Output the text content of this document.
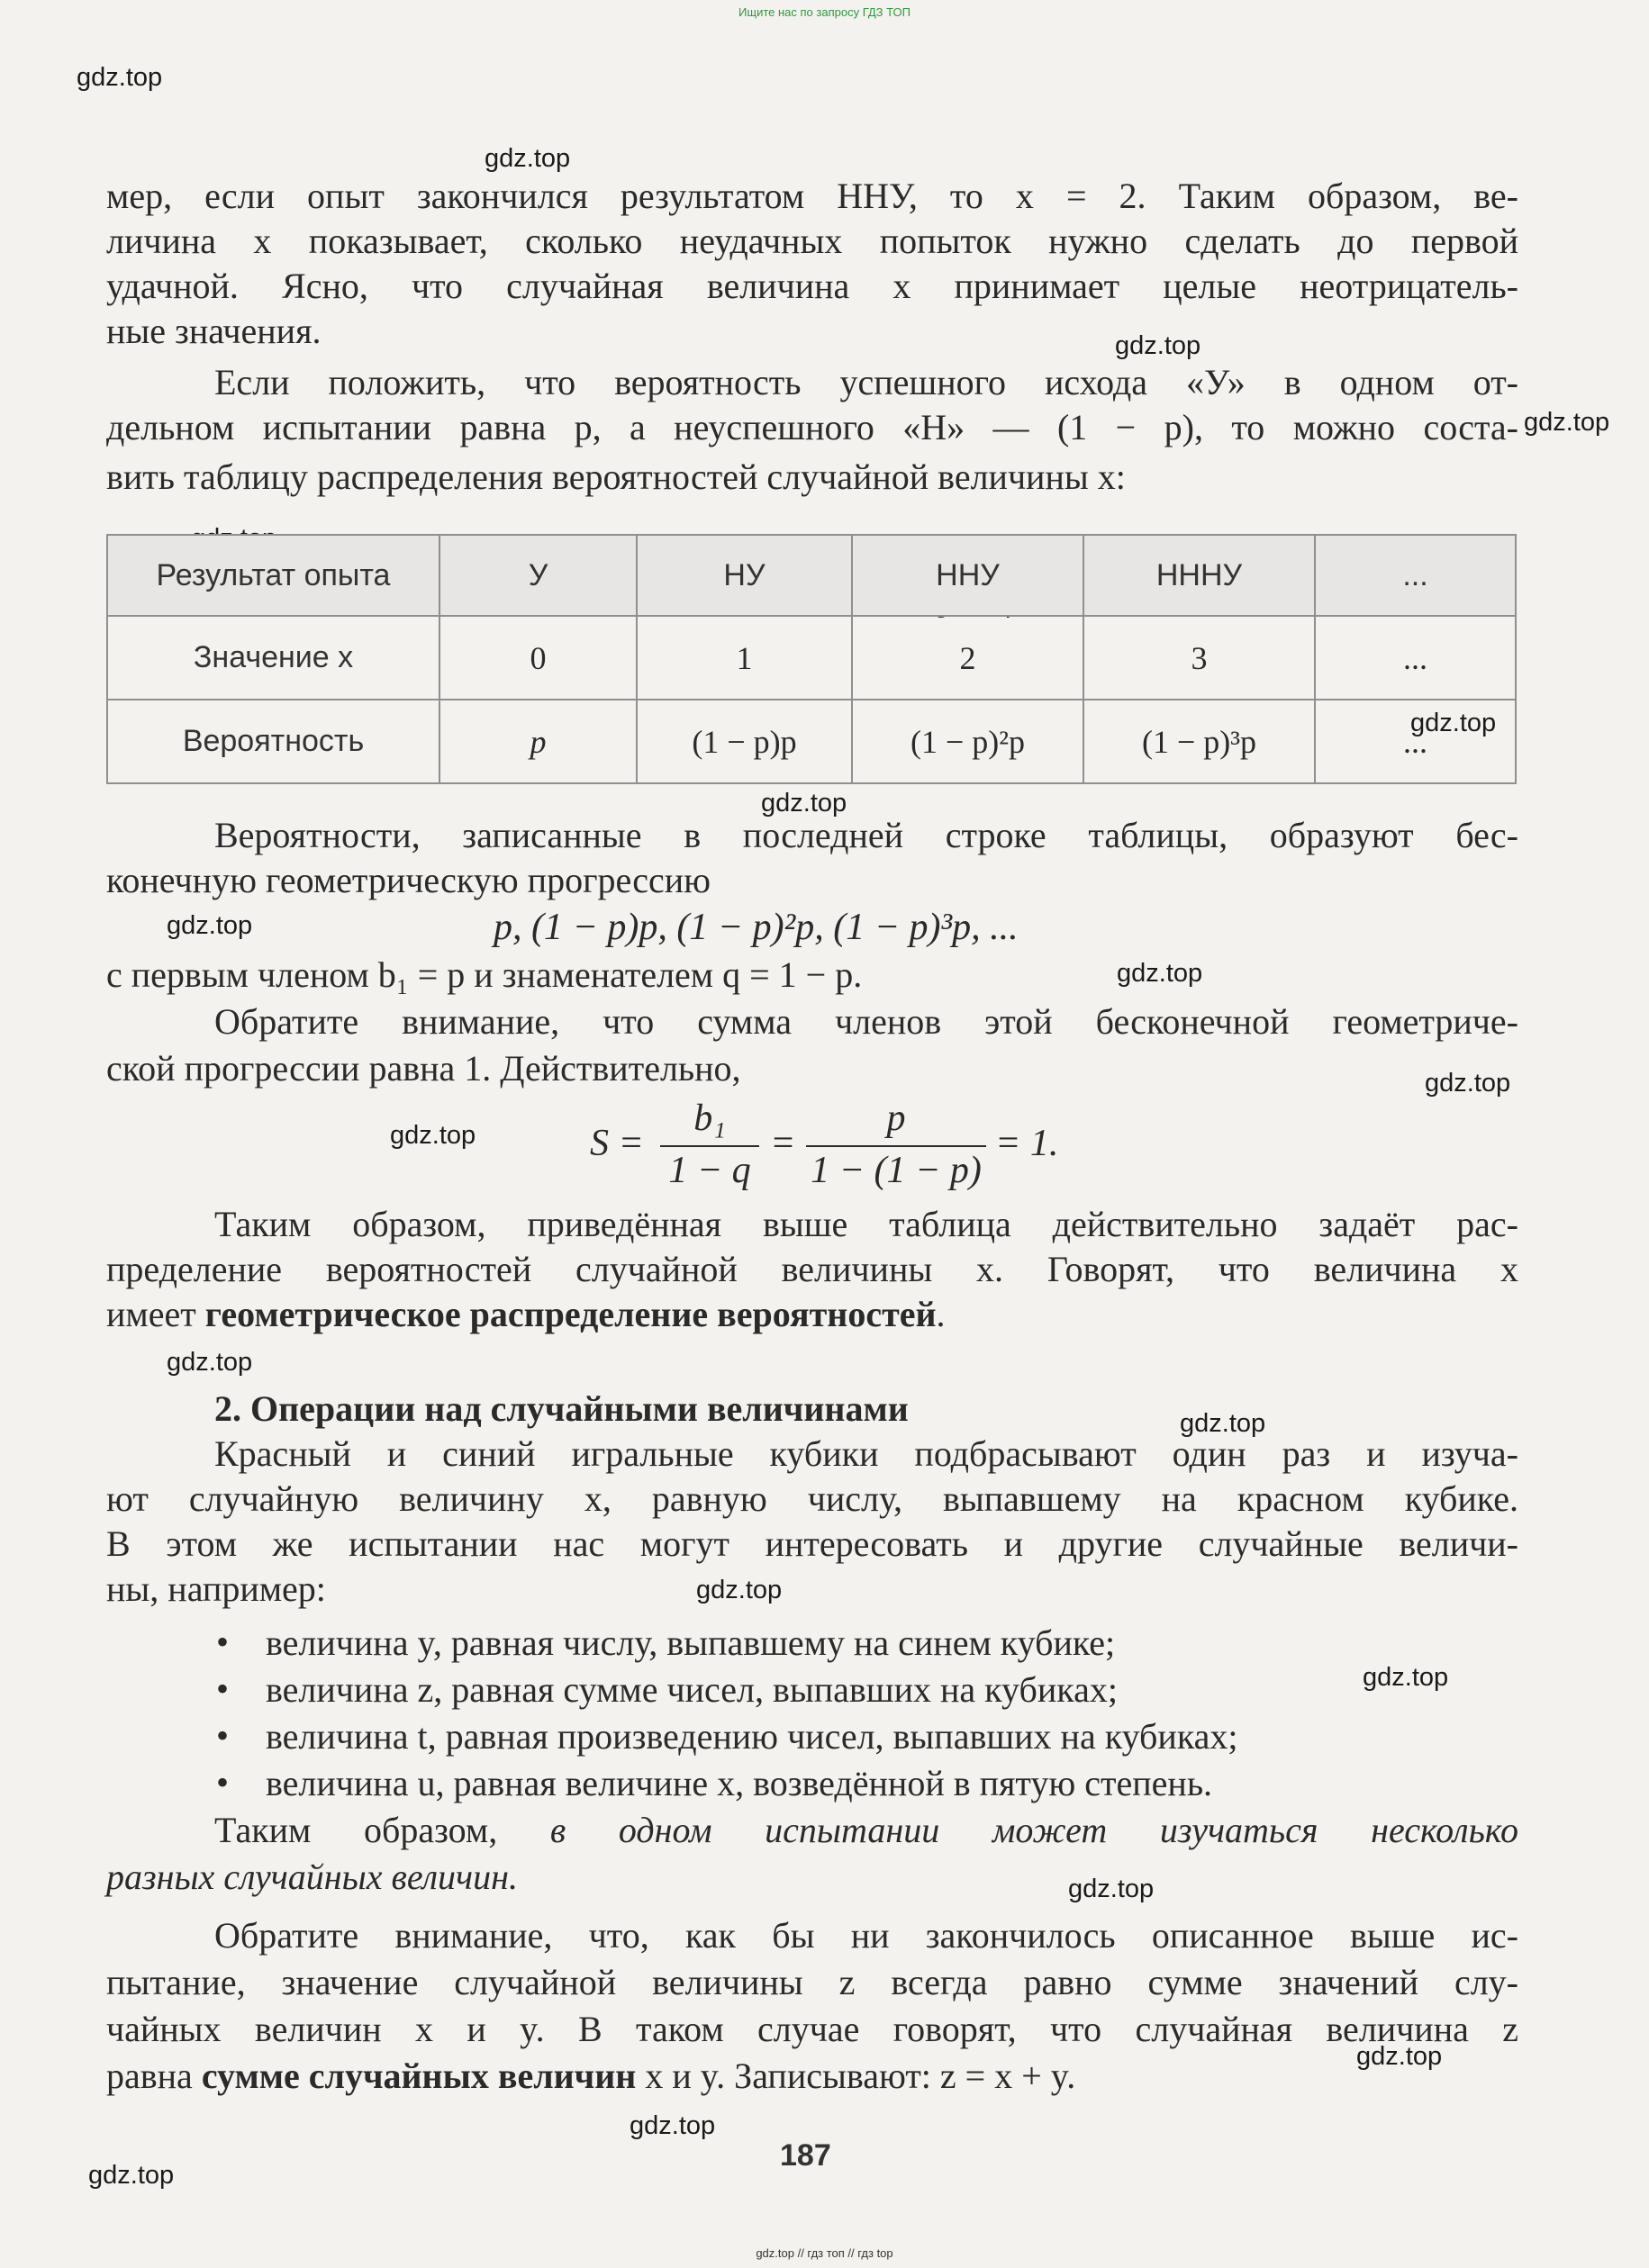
Ищите нас по запросу ГДЗ ТОП
gdz.top
gdz.top
gdz.top
gdz.top
gdz.top
gdz.top
gdz.top
gdz.top
gdz.top
gdz.top
gdz.top
gdz.top
gdz.top
gdz.top
gdz.top
gdz.top
gdz.top
gdz.top
мер, если опыт закончился результатом ННУ, то x = 2. Таким образом, ве-
личина x показывает, сколько неудачных попыток нужно сделать до первой
удачной. Ясно, что случайная величина x принимает целые неотрицатель-
ные значения.
Если положить, что вероятность успешного исхода «У» в одном от-
дельном испытании равна p, а неуспешного «Н» — (1 − p), то можно соста-
вить таблицу распределения вероятностей случайной величины x:
Результат опыта	У	НУ	ННУ	НННУ	...
Значение x	0	1	2	3	...
Вероятность	p	(1 − p)p	(1 − p)²p	(1 − p)³p	...
Вероятности, записанные в последней строке таблицы, образуют бес-
конечную геометрическую прогрессию
p, (1 − p)p, (1 − p)²p, (1 − p)³p, ...
с первым членом b₁ = p и знаменателем q = 1 − p.
Обратите внимание, что сумма членов этой бесконечной геометриче-
ской прогрессии равна 1. Действительно,
S =
b₁
1 − q
=
p
1 − (1 − p)
= 1.
Таким образом, приведённая выше таблица действительно задаёт рас-
пределение вероятностей случайной величины x. Говорят, что величина x
имеет геометрическое распределение вероятностей.
2. Операции над случайными величинами
Красный и синий игральные кубики подбрасывают один раз и изуча-
ют случайную величину x, равную числу, выпавшему на красном кубике.
В этом же испытании нас могут интересовать и другие случайные величи-
ны, например:
• величина y, равная числу, выпавшему на синем кубике;
• величина z, равная сумме чисел, выпавших на кубиках;
• величина t, равная произведению чисел, выпавших на кубиках;
• величина u, равная величине x, возведённой в пятую степень.
Таким образом, в одном испытании может изучаться несколько
разных случайных величин.
Обратите внимание, что, как бы ни закончилось описанное выше ис-
пытание, значение случайной величины z всегда равно сумме значений слу-
чайных величин x и y. В таком случае говорят, что случайная величина z
равна сумме случайных величин x и y. Записывают: z = x + y.
187
gdz.top // гдз топ // гдз top
